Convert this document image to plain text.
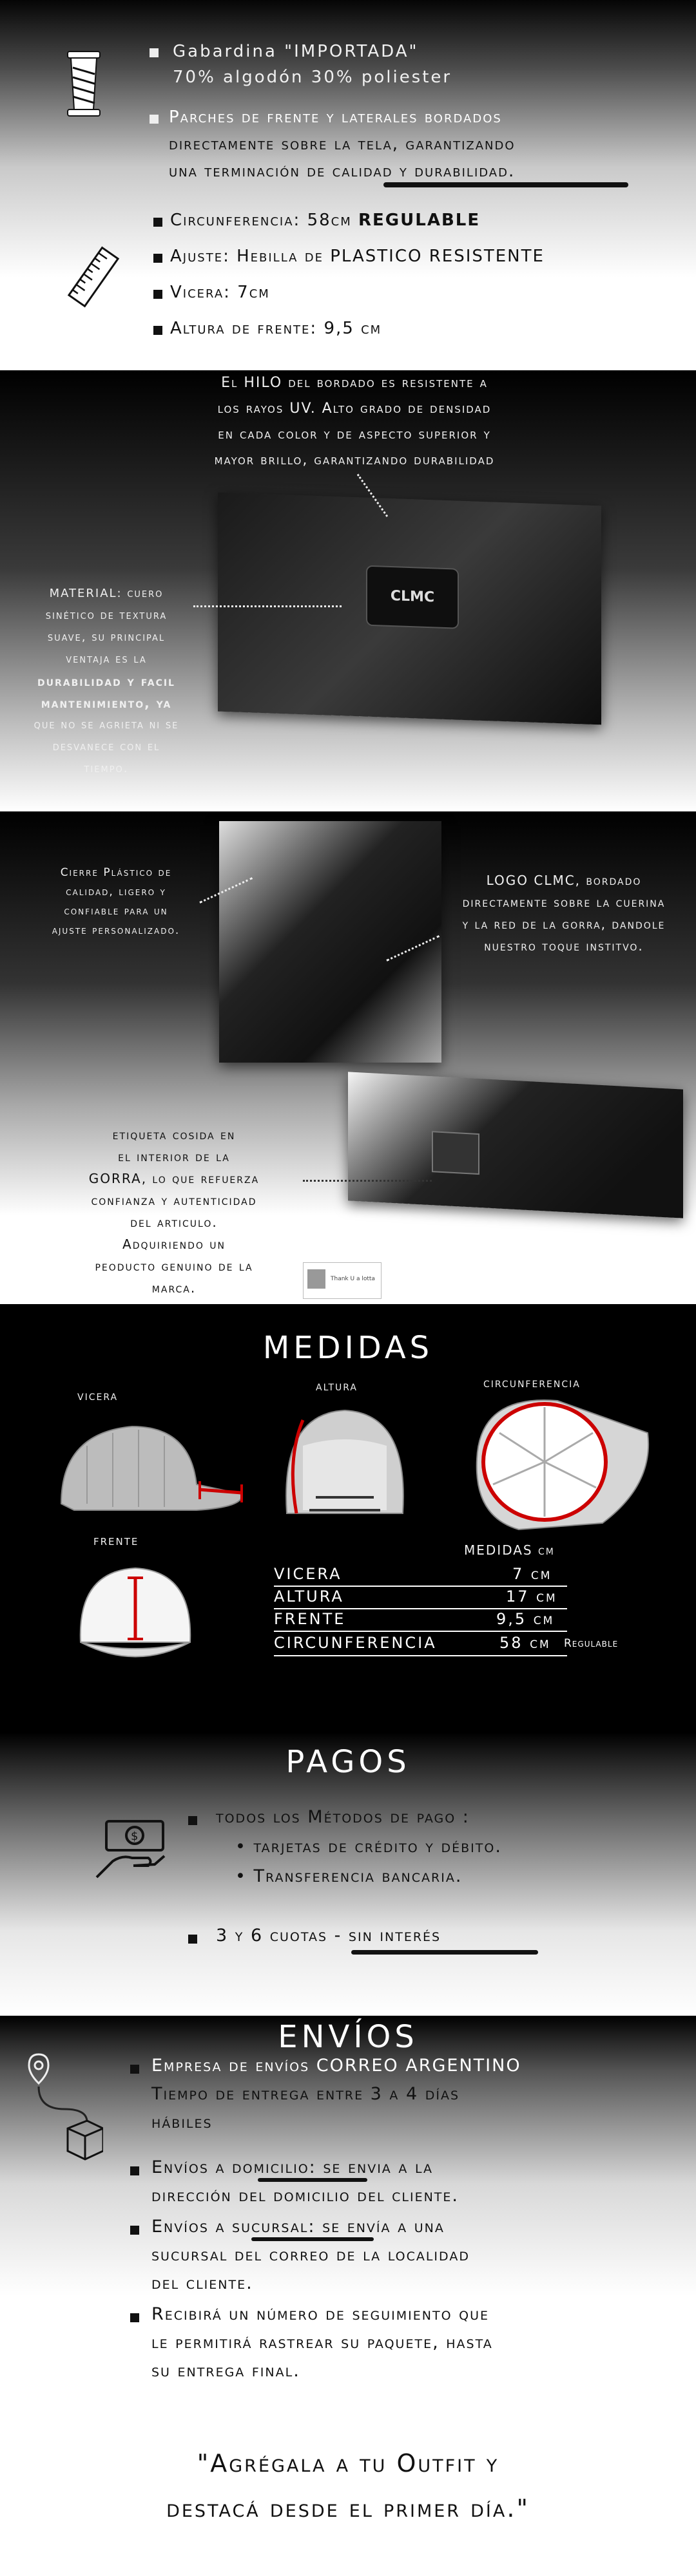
Gabardina "IMPORTADA"
70% algodón 30% poliester
Parches de frente y laterales bordados
directamente sobre la tela, garantizando
una terminación de calidad y durabilidad.
Circunferencia: 58cm REGULABLE
Ajuste: Hebilla de PLASTICO RESISTENTE
Vicera: 7cm
Altura de frente: 9,5 cm
El HILO del bordado es resistente a
los rayos UV. Alto grado de densidad
en cada color y de aspecto superior y
mayor brillo, garantizando durabilidad
CLMC
MATERIAL: cuero
sinético de textura
suave, su principal
ventaja es la
durabilidad y facil
mantenimiento, ya
que no se agrieta ni se
desvanece con el
tiempo.
Cierre Plástico de
calidad, ligero y
confiable para un
ajuste personalizado.
LOGO CLMC, bordado
directamente sobre la cuerina
y la red de la gorra, dandole
nuestro toque institvo.
etiqueta cosida en
el interior de la
GORRA, lo que refuerza
confianza y autenticidad
del articulo.
Adquiriendo un
peoducto genuino de la
marca.
Thank U a lotta
MEDIDAS
vicera
altura	circunferencia
frente
MEDIDAS cm
VICERA	7 cm
ALTURA	17 cm
FRENTE	9,5 cm
CIRCUNFERENCIA	58 cm Regulable
PAGOS
$
todos los Métodos de pago :
• tarjetas de crédito y débito.
• Transferencia bancaria.
3 y 6 cuotas - sin interés
ENVÍOS
Empresa de envíos CORREO ARGENTINO
Tiempo de entrega entre 3 a 4 días
hábiles
Envíos a domicilio: se envia a la
dirección del domicilio del cliente.
Envíos a sucursal: se envía a una
sucursal del correo de la localidad
del cliente.
Recibirá un número de seguimiento que
le permitirá rastrear su paquete, hasta
su entrega final.
"Agrégala a tu Outfit y
destacá desde el primer día."
